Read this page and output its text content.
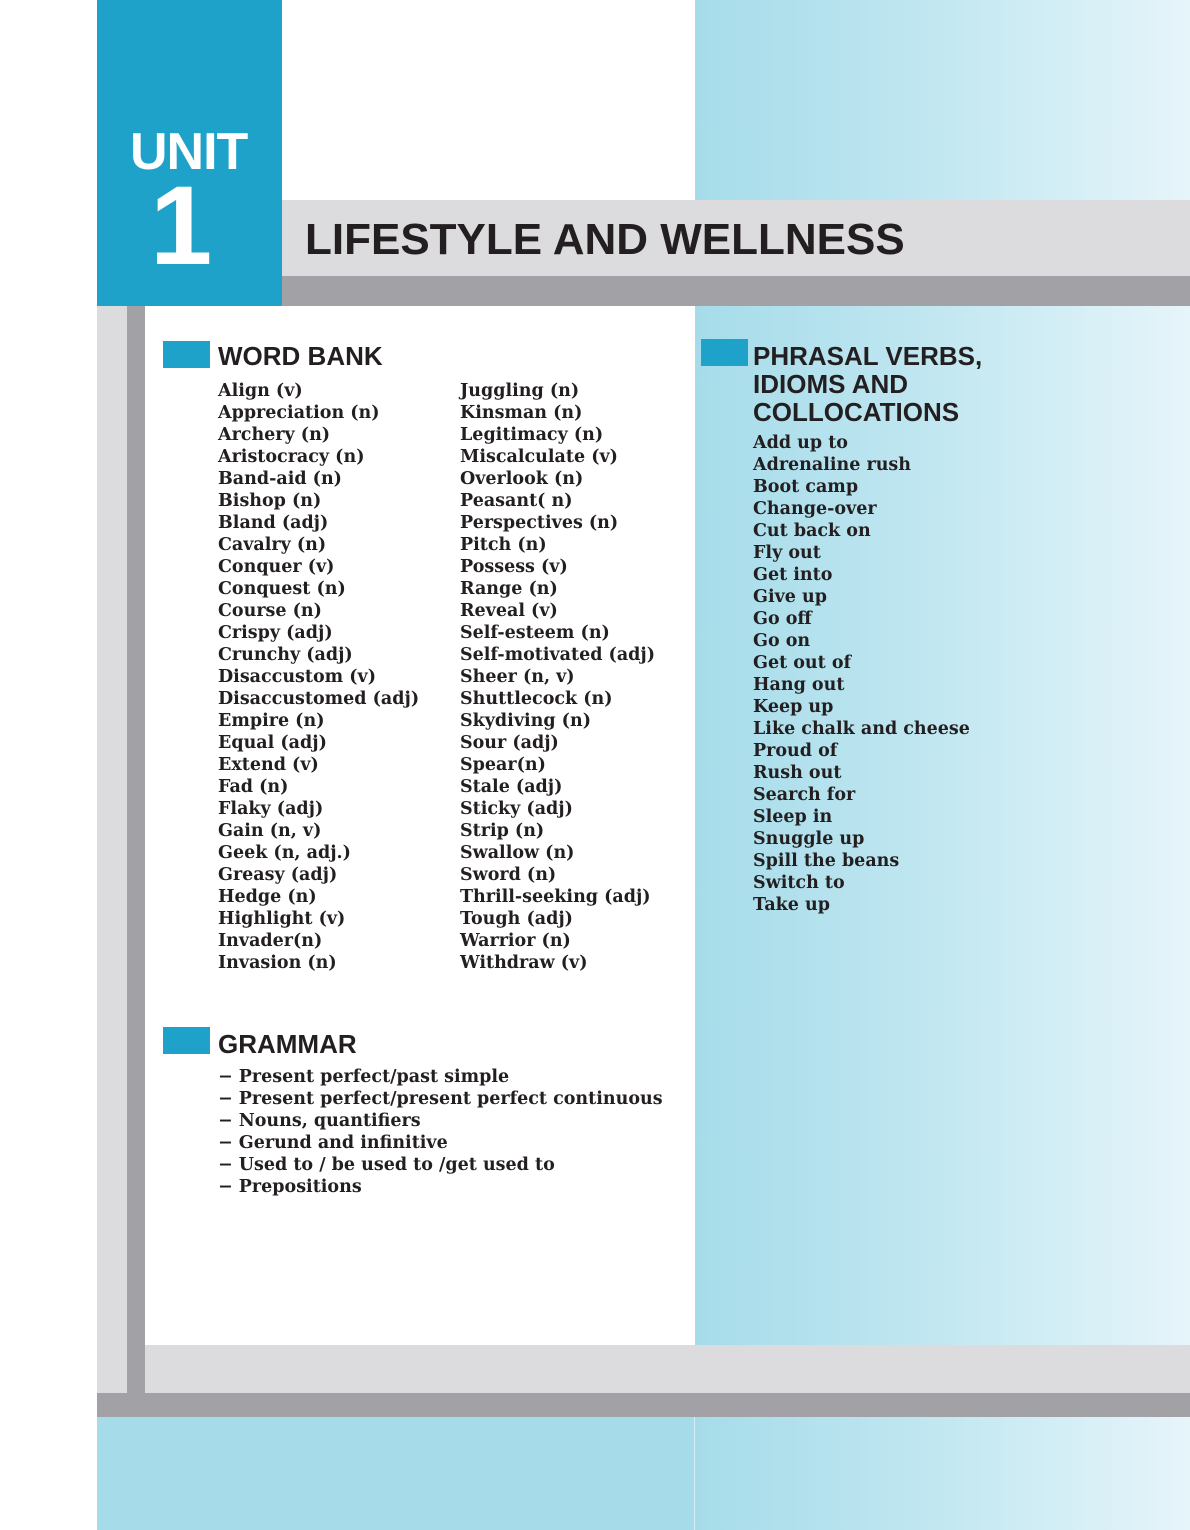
UNIT
1 LIFESTYLE AND WELLNESS
WORD BANK
Align (v)
Appreciation (n)
Archery (n)
Aristocracy (n)
Band-aid (n)
Bishop (n)
Bland (adj)
Cavalry (n)
Conquer (v)
Conquest (n)
Course (n)
Crispy (adj)
Crunchy (adj)
Disaccustom (v)
Disaccustomed (adj)
Empire (n)
Equal (adj)
Extend (v)
Fad (n)
Flaky (adj)
Gain (n, v)
Geek (n, adj.)
Greasy (adj)
Hedge (n)
Highlight (v)
Invader(n)
Invasion (n)
Juggling (n)
Kinsman (n)
Legitimacy (n)
Miscalculate (v)
Overlook (n)
Peasant( n)
Perspectives (n)
Pitch (n)
Possess (v)
Range (n)
Reveal (v)
Self-esteem (n)
Self-motivated (adj)
Sheer (n, v)
Shuttlecock (n)
Skydiving (n)
Sour (adj)
Spear(n)
Stale (adj)
Sticky (adj)
Strip (n)
Swallow (n)
Sword (n)
Thrill-seeking (adj)
Tough (adj)
Warrior (n)
Withdraw (v)
GRAMMAR
− Present perfect/past simple
− Present perfect/present perfect continuous
− Nouns, quantifiers
− Gerund and infinitive
− Used to / be used to /get used to
− Prepositions
PHRASAL VERBS,
IDIOMS AND
COLLOCATIONS
Add up to
Adrenaline rush
Boot camp
Change-over
Cut back on
Fly out
Get into
Give up
Go off
Go on
Get out of
Hang out
Keep up
Like chalk and cheese
Proud of
Rush out
Search for
Sleep in
Snuggle up
Spill the beans
Switch to
Take up
